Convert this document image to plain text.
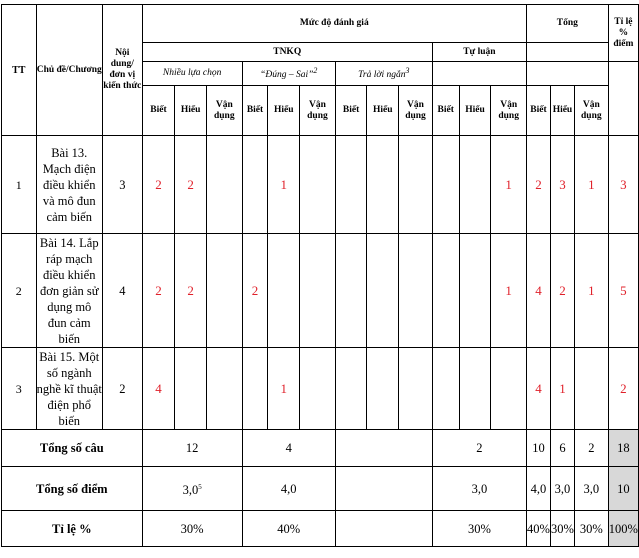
TT	Chủ đề/Chương	Nội dung/ đơn vị kiến thức	Mức độ đánh giá												Tổng			Tỉ lệ % điểm
			TNKQ									Tự luận						
			Nhiều lựa chọn			“Đúng – Sai”$^2$			Trả lời ngắn$^3$			
			Biết	Hiểu	Vận dụng	Biết	Hiểu	Vận dụng	Biết	Hiểu	Vận dụng	Biết	Hiểu	Vận dụng	Biết	Hiểu	Vận dụng	
1	Bài 13. Mạch điện điều khiển và mô đun cảm biến	3	2	2			1							1	2	3	1	3
2	Bài 14. Lắp ráp mạch điều khiển đơn giản sử dụng mô đun cảm biến	4	2	2		2								1	4	2	1	5
3	Bài 15. Một số ngành nghề kĩ thuật điện phổ biến	2	4				1								4	1		2
Tổng số câu			12			4						2			10	6	2	18
Tổng số điểm			$3,0^5$			4,0						3,0			4,0	3,0	3,0	10
Tỉ lệ %			30%			40%						30%			40%	30%	30%	100%
